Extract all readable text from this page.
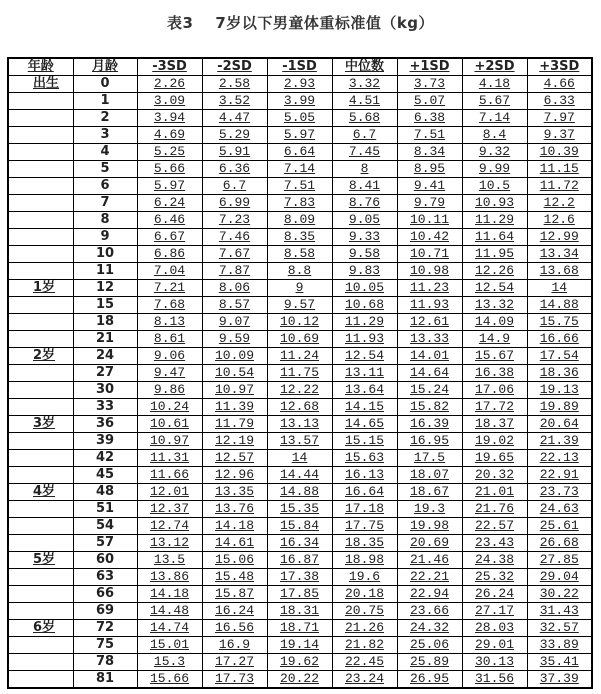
表3 7岁以下男童体重标准值（kg）
年龄	月龄	-3SD	-2SD	-1SD	中位数	+1SD	+2SD	+3SD
出生	0	2.26	2.58	2.93	3.32	3.73	4.18	4.66
	1	3.09	3.52	3.99	4.51	5.07	5.67	6.33
	2	3.94	4.47	5.05	5.68	6.38	7.14	7.97
	3	4.69	5.29	5.97	6.7	7.51	8.4	9.37
	4	5.25	5.91	6.64	7.45	8.34	9.32	10.39
	5	5.66	6.36	7.14	8	8.95	9.99	11.15
	6	5.97	6.7	7.51	8.41	9.41	10.5	11.72
	7	6.24	6.99	7.83	8.76	9.79	10.93	12.2
	8	6.46	7.23	8.09	9.05	10.11	11.29	12.6
	9	6.67	7.46	8.35	9.33	10.42	11.64	12.99
	10	6.86	7.67	8.58	9.58	10.71	11.95	13.34
	11	7.04	7.87	8.8	9.83	10.98	12.26	13.68
1岁	12	7.21	8.06	9	10.05	11.23	12.54	14
	15	7.68	8.57	9.57	10.68	11.93	13.32	14.88
	18	8.13	9.07	10.12	11.29	12.61	14.09	15.75
	21	8.61	9.59	10.69	11.93	13.33	14.9	16.66
2岁	24	9.06	10.09	11.24	12.54	14.01	15.67	17.54
	27	9.47	10.54	11.75	13.11	14.64	16.38	18.36
	30	9.86	10.97	12.22	13.64	15.24	17.06	19.13
	33	10.24	11.39	12.68	14.15	15.82	17.72	19.89
3岁	36	10.61	11.79	13.13	14.65	16.39	18.37	20.64
	39	10.97	12.19	13.57	15.15	16.95	19.02	21.39
	42	11.31	12.57	14	15.63	17.5	19.65	22.13
	45	11.66	12.96	14.44	16.13	18.07	20.32	22.91
4岁	48	12.01	13.35	14.88	16.64	18.67	21.01	23.73
	51	12.37	13.76	15.35	17.18	19.3	21.76	24.63
	54	12.74	14.18	15.84	17.75	19.98	22.57	25.61
	57	13.12	14.61	16.34	18.35	20.69	23.43	26.68
5岁	60	13.5	15.06	16.87	18.98	21.46	24.38	27.85
	63	13.86	15.48	17.38	19.6	22.21	25.32	29.04
	66	14.18	15.87	17.85	20.18	22.94	26.24	30.22
	69	14.48	16.24	18.31	20.75	23.66	27.17	31.43
6岁	72	14.74	16.56	18.71	21.26	24.32	28.03	32.57
	75	15.01	16.9	19.14	21.82	25.06	29.01	33.89
	78	15.3	17.27	19.62	22.45	25.89	30.13	35.41
	81	15.66	17.73	20.22	23.24	26.95	31.56	37.39
